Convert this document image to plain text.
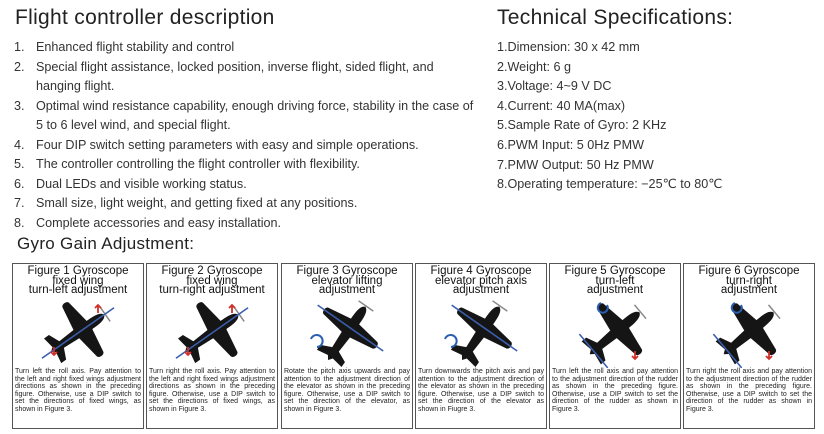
Flight controller description
1. Enhanced flight stability and control
2. Special flight assistance, locked position, inverse flight, sided flight, and hanging flight.
3. Optimal wind resistance capability, enough driving force, stability in the case of 5 to 6 level wind, and special flight.
4. Four DIP switch setting parameters with easy and simple operations.
5. The controller controlling the flight controller with flexibility.
6. Dual LEDs and visible working status.
7. Small size, light weight, and getting fixed at any positions.
8. Complete accessories and easy installation.
Technical Specifications:
1.Dimension: 30 x 42 mm
2.Weight: 6 g
3.Voltage: 4~9 V DC
4.Current: 40 MA(max)
5.Sample Rate of Gyro: 2 KHz
6.PWM Input: 5 0Hz PMW
7.PMW Output: 50 Hz PMW
8.Operating temperature: −25℃ to 80℃
Gyro Gain Adjustment:
Figure 1 Gyroscope
fixed wing
turn-left adjustment
Turn left the roll axis. Pay attention to the left and right fixed wings adjustment directions as shown in the preceding figure. Otherwise, use a DIP switch to set the directions of fixed wings, as shown in Figure 3.
Figure 2 Gyroscope
fixed wing
turn-right adjustment
Turn right the roll axis. Pay attention to the left and right fixed wings adjustment directions as shown in the preceding figure. Otherwise, use a DIP switch to set the directions of fixed wings, as shown in Figure 3.
Figure 3 Gyroscope
elevator lifting
adjustment
Rotate the pitch axis upwards and pay attention to the adjustment direction of the elevator as shown in the preceding figure. Otherwise, use a DIP switch to set the direction of the elevator, as shown in Figure 3.
Figure 4 Gyroscope
elevator pitch axis
adjustment
Turn downwards the pitch axis and pay attention to the adjustment direction of the elevator as shown in the preceding figure. Otherwise, use a DIP switch to set the direction of the elevator as shown in Fiugre 3.
Figure 5 Gyroscope
turn-left
adjustment
Turn left the roll axis and pay attention to the adjustment direction of the rudder as shown in the preceding figure. Otherwise, use a DIP switch to set the direction of the rudder as shown in Figure 3.
Figure 6 Gyroscope
turn-right
adjustment
Turn right the roll axis and pay attention to the adjustment direction of the rudder as shown in the preceding figure. Otherwise, use a DIP switch to set the direction of the rudder as shown in Figure 3.
